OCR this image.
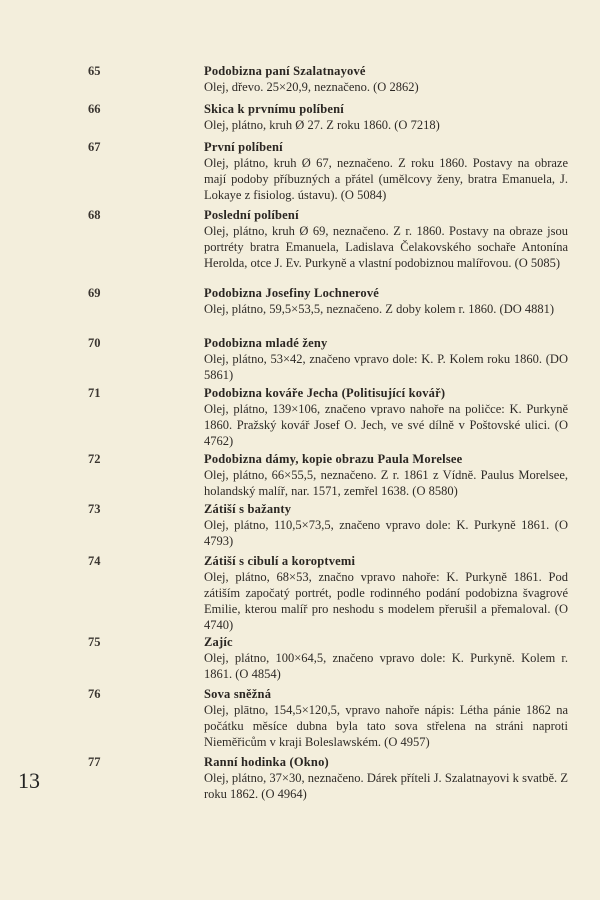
65	Podobizna paní Szalatnayové
Olej, dřevo. 25×20,9, neznačeno. (O 2862)
66	Skica k prvnímu políbení
Olej, plátno, kruh Ø 27. Z roku 1860. (O 7218)
67	První políbení
Olej, plátno, kruh Ø 67, neznačeno. Z roku 1860. Postavy na obraze mají podoby příbuzných a přátel (umělcovy ženy, bratra Emanuela, J. Lokaye z fisiolog. ústavu). (O 5084)
68	Poslední políbení
Olej, plátno, kruh Ø 69, neznačeno. Z r. 1860. Postavy na obraze jsou portréty bratra Emanuela, Ladislava Čelakovského sochaře Antonína Herolda, otce J. Ev. Purkyně a vlastní podobiznou malířovou. (O 5085)
69	Podobizna Josefiny Lochnerové
Olej, plátno, 59,5×53,5, neznačeno. Z doby kolem r. 1860. (DO 4881)
70	Podobizna mladé ženy
Olej, plátno, 53×42, značeno vpravo dole: K. P. Kolem roku 1860. (DO 5861)
71	Podobizna kováře Jecha (Politisující kovář)
Olej, plátno, 139×106, značeno vpravo nahoře na poličce: K. Purkyně 1860. Pražský kovář Josef O. Jech, ve své dílně v Poštovské ulici. (O 4762)
72	Podobizna dámy, kopie obrazu Paula Morelsee
Olej, plátno, 66×55,5, neznačeno. Z r. 1861 z Vídně. Paulus Morelsee, holandský malíř, nar. 1571, zemřel 1638. (O 8580)
73	Zátiší s bažanty
Olej, plátno, 110,5×73,5, značeno vpravo dole: K. Purkyně 1861. (O 4793)
74	Zátiší s cibulí a koroptvemi
Olej, plátno, 68×53, značno vpravo nahoře: K. Purkyně 1861. Pod zátiším započatý portrét, podle rodinného podání podobizna švagrové Emilie, kterou malíř pro neshodu s modelem přerušil a přemaloval. (O 4740)
75	Zajíc
Olej, plátno, 100×64,5, značeno vpravo dole: K. Purkyně. Kolem r. 1861. (O 4854)
76	Sova sněžná
Olej, plātno, 154,5×120,5, vpravo nahoře nápis: Létha pánie 1862 na počátku měsíce dubna byla tato sova střelena na stráni naproti Nieměřicům v kraji Boleslawském. (O 4957)
77	Ranní hodinka (Okno)
Olej, plátno, 37×30, neznačeno. Dárek příteli J. Szalatnayovi k svatbě. Z roku 1862. (O 4964)
13
